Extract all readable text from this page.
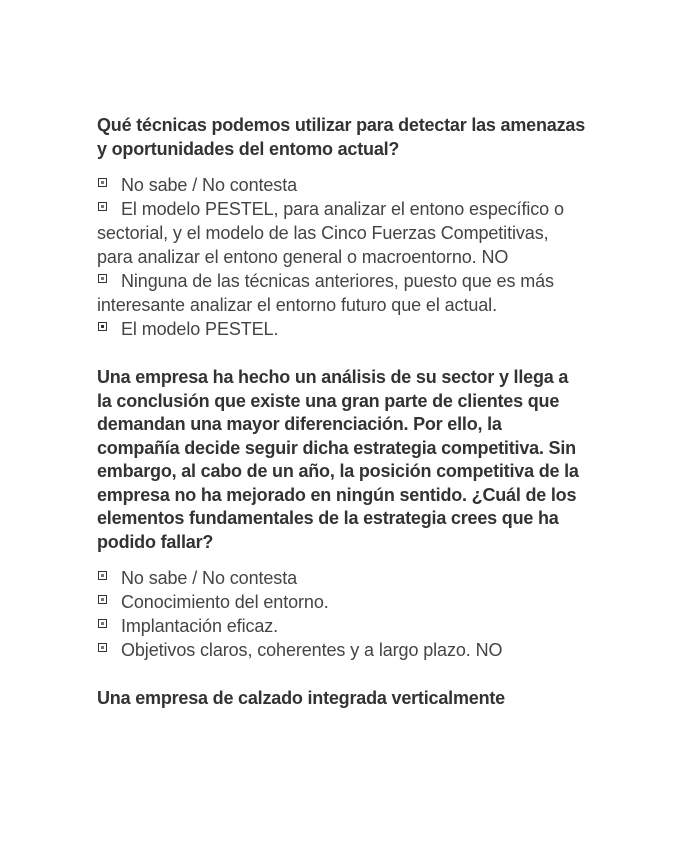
Qué técnicas podemos utilizar para detectar las amenazas y oportunidades del entomo actual?
No sabe / No contesta
El modelo PESTEL, para analizar el entono específico o sectorial, y el modelo de las Cinco Fuerzas Competitivas, para analizar el entono general o macroentorno. NO
Ninguna de las técnicas anteriores, puesto que es más interesante analizar el entorno futuro que el actual.
El modelo PESTEL.
Una empresa ha hecho un análisis de su sector y llega a la conclusión que existe una gran parte de clientes que demandan una mayor diferenciación. Por ello, la compañía decide seguir dicha estrategia competitiva. Sin embargo, al cabo de un año, la posición competitiva de la empresa no ha mejorado en ningún sentido. ¿Cuál de los elementos fundamentales de la estrategia crees que ha podido fallar?
No sabe / No contesta
Conocimiento del entorno.
Implantación eficaz.
Objetivos claros, coherentes y a largo plazo. NO
Una empresa de calzado integrada verticalmente
